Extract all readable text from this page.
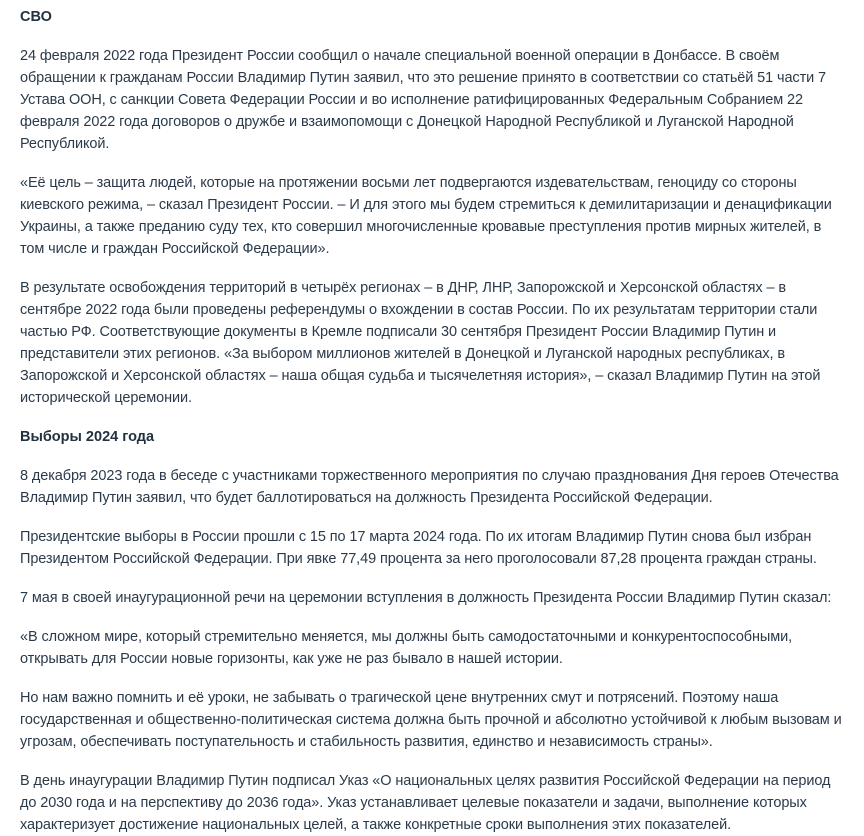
СВО

24 февраля 2022 года Президент России сообщил о начале специальной военной операции в Донбассе. В своём обращении к гражданам России Владимир Путин заявил, что это решение принято в соответствии со статьёй 51 части 7 Устава ООН, с санкции Совета Федерации России и во исполнение ратифицированных Федеральным Собранием 22 февраля 2022 года договоров о дружбе и взаимопомощи с Донецкой Народной Республикой и Луганской Народной Республикой.

«Её цель – защита людей, которые на протяжении восьми лет подвергаются издевательствам, геноциду со стороны киевского режима, – сказал Президент России. – И для этого мы будем стремиться к демилитаризации и денацификации Украины, а также преданию суду тех, кто совершил многочисленные кровавые преступления против мирных жителей, в том числе и граждан Российской Федерации».

В результате освобождения территорий в четырёх регионах – в ДНР, ЛНР, Запорожской и Херсонской областях – в сентябре 2022 года были проведены референдумы о вхождении в состав России. По их результатам территории стали частью РФ. Соответствующие документы в Кремле подписали 30 сентября Президент России Владимир Путин и представители этих регионов. «За выбором миллионов жителей в Донецкой и Луганской народных республиках, в Запорожской и Херсонской областях – наша общая судьба и тысячелетняя история», – сказал Владимир Путин на этой исторической церемонии.

Выборы 2024 года

8 декабря 2023 года в беседе с участниками торжественного мероприятия по случаю празднования Дня героев Отечества Владимир Путин заявил, что будет баллотироваться на должность Президента Российской Федерации.

Президентские выборы в России прошли с 15 по 17 марта 2024 года. По их итогам Владимир Путин снова был избран Президентом Российской Федерации. При явке 77,49 процента за него проголосовали 87,28 процента граждан страны.

7 мая в своей инаугурационной речи на церемонии вступления в должность Президента России Владимир Путин сказал:

«В сложном мире, который стремительно меняется, мы должны быть самодостаточными и конкурентоспособными, открывать для России новые горизонты, как уже не раз бывало в нашей истории.

Но нам важно помнить и её уроки, не забывать о трагической цене внутренних смут и потрясений. Поэтому наша государственная и общественно-политическая система должна быть прочной и абсолютно устойчивой к любым вызовам и угрозам, обеспечивать поступательность и стабильность развития, единство и независимость страны».

В день инаугурации Владимир Путин подписал Указ «О национальных целях развития Российской Федерации на период до 2030 года и на перспективу до 2036 года». Указ устанавливает целевые показатели и задачи, выполнение которых характеризует достижение национальных целей, а также конкретные сроки выполнения этих показателей.
